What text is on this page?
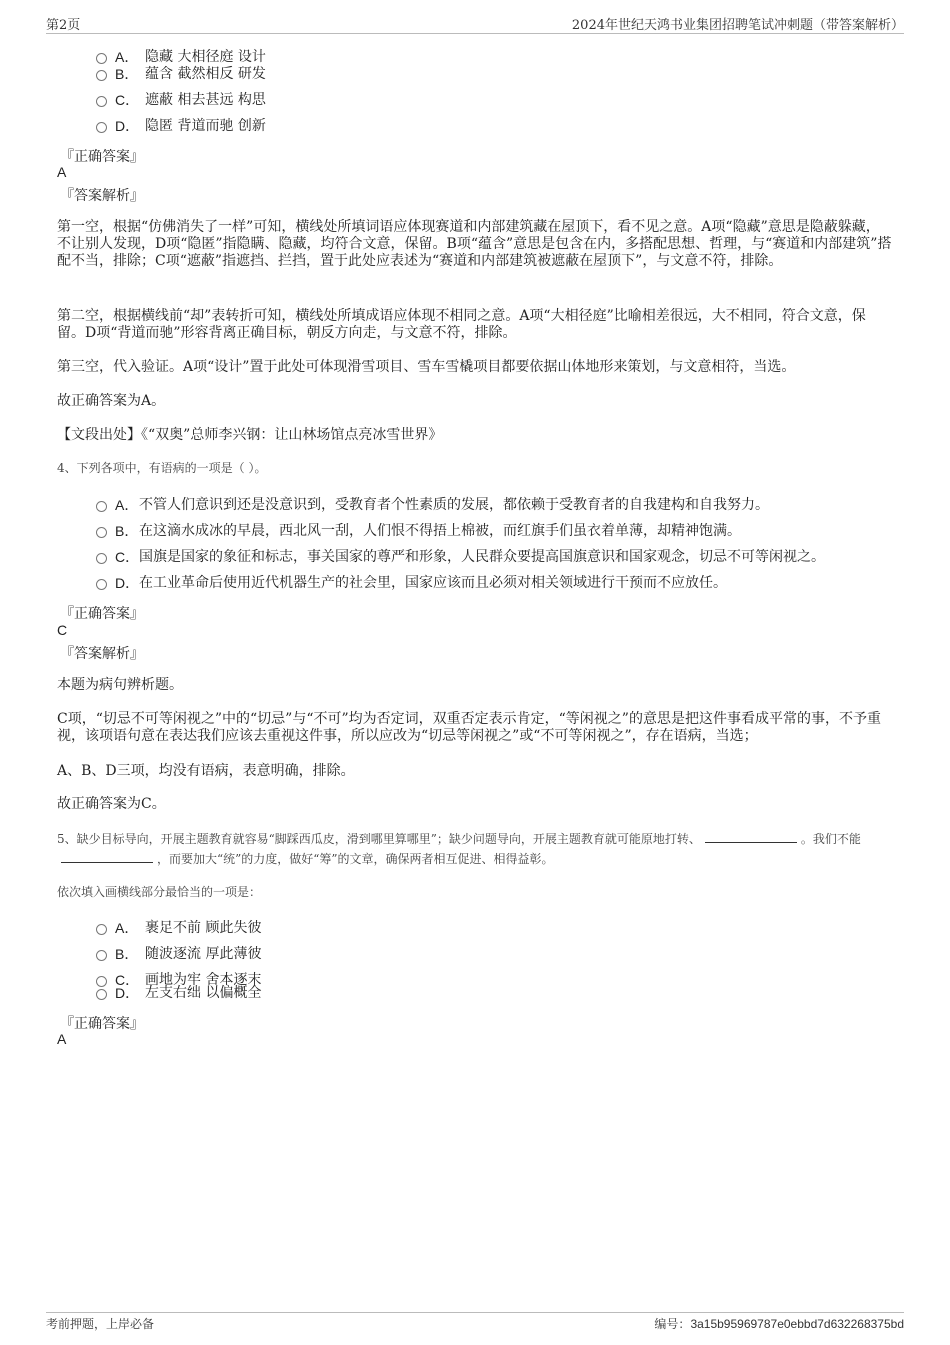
第2页	2024年世纪天鸿书业集团招聘笔试冲刺题（带答案解析）
A． 隐藏 大相径庭 设计
B． 蕴含 截然相反 研发
C． 遮蔽 相去甚远 构思
D． 隐匿 背道而驰 创新
『正确答案』
A
『答案解析』
第一空，根据“仿佛消失了一样”可知，横线处所填词语应体现赛道和内部建筑藏在屋顶下，看不见之意。A项“隐藏”意思是隐蔽躲藏，不让别人发现，D项“隐匿”指隐瞒、隐藏，均符合文意，保留。B项“蕴含”意思是包含在内，多搭配思想、哲理，与“赛道和内部建筑”搭配不当，排除；C项“遮蔽”指遮挡、拦挡，置于此处应表述为“赛道和内部建筑被遮蔽在屋顶下”，与文意不符，排除。
第二空，根据横线前“却”表转折可知，横线处所填成语应体现不相同之意。A项“大相径庭”比喻相差很远，大不相同，符合文意，保留。D项“背道而驰”形容背离正确目标，朝反方向走，与文意不符，排除。
第三空，代入验证。A项“设计”置于此处可体现滑雪项目、雪车雪橇项目都要依据山体地形来策划，与文意相符，当选。
故正确答案为A。
【文段出处】《“双奥”总师李兴钢：让山林场馆点亮冰雪世界》
4、下列各项中，有语病的一项是（ ）。
A． 不管人们意识到还是没意识到，受教育者个性素质的发展，都依赖于受教育者的自我建构和自我努力。
B． 在这滴水成冰的早晨，西北风一刮，人们恨不得捂上棉被，而红旗手们虽衣着单薄，却精神饱满。
C． 国旗是国家的象征和标志，事关国家的尊严和形象，人民群众要提高国旗意识和国家观念，切忌不可等闲视之。
D． 在工业革命后使用近代机器生产的社会里，国家应该而且必须对相关领域进行干预而不应放任。
『正确答案』
C
『答案解析』
本题为病句辨析题。
C项，“切忌不可等闲视之”中的“切忌”与“不可”均为否定词，双重否定表示肯定，“等闲视之”的意思是把这件事看成平常的事，不予重视，该项语句意在表达我们应该去重视这件事，所以应改为“切忌等闲视之”或“不可等闲视之”，存在语病，当选；
A、B、D三项，均没有语病，表意明确，排除。
故正确答案为C。
5、缺少目标导向，开展主题教育就容易“脚踩西瓜皮，滑到哪里算哪里”；缺少问题导向，开展主题教育就可能原地打转、	。我们不能，而要加大“统”的力度，做好“筹”的文章，确保两者相互促进、相得益彰。
依次填入画横线部分最恰当的一项是：
A． 裹足不前 顾此失彼
B． 随波逐流 厚此薄彼
C． 画地为牢 舍本逐末
D． 左支右绌 以偏概全
『正确答案』
A
考前押题，上岸必备	编号：3a15b95969787e0ebbd7d632268375bd
